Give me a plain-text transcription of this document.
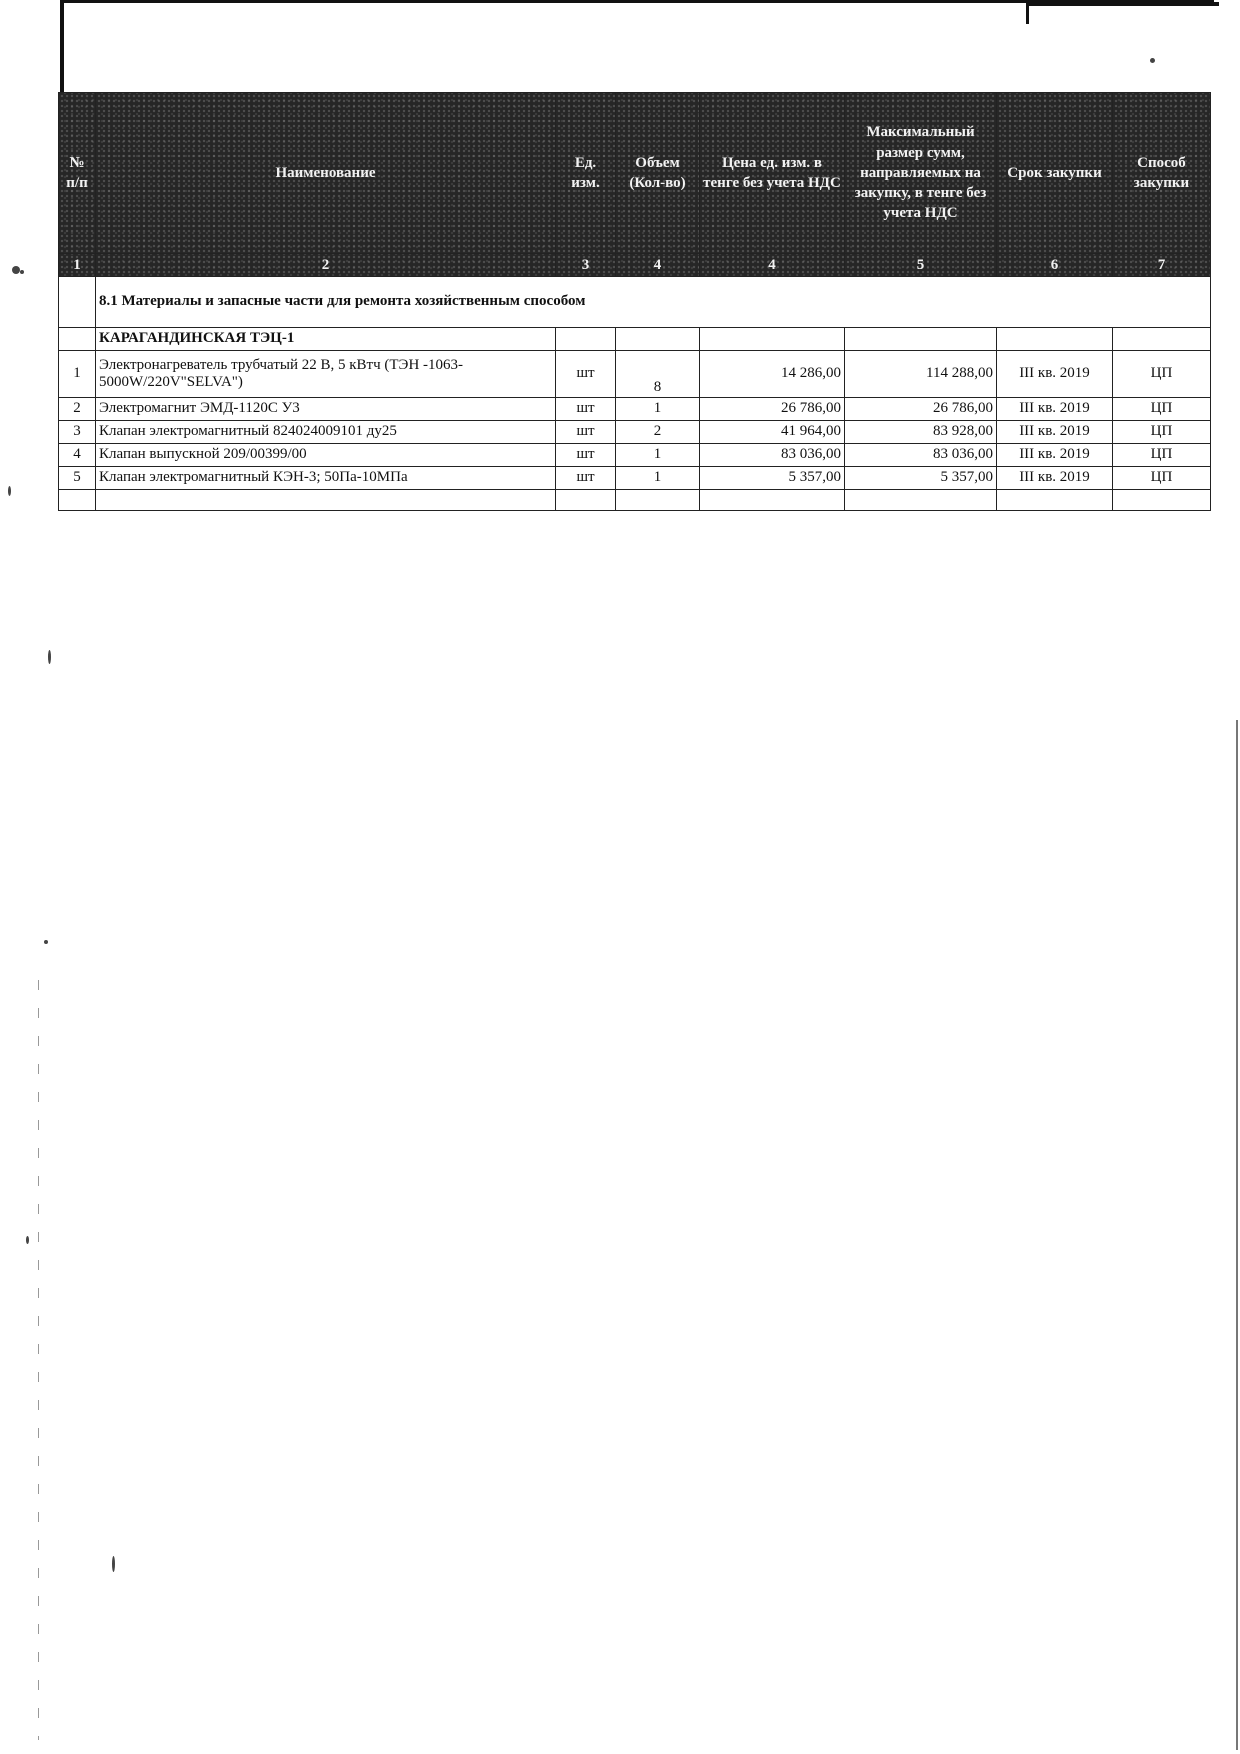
№ п/п	Наименование	Ед. изм.	Объем (Кол-во)	Цена ед. изм. в тенге без учета НДС	Максимальный размер сумм, направляемых на закупку, в тенге без учета НДС	Срок закупки	Способ закупки
1	2	3	4	4	5	6	7
	8.1 Материалы и запасные части для ремонта хозяйственным способом						
	КАРАГАНДИНСКАЯ ТЭЦ-1						
1	Электронагреватель трубчатый 22 В, 5 кВтч (ТЭН -1063-5000W/220V"SELVA")	шт	8	14 286,00	114 288,00	III кв. 2019	ЦП
2	Электромагнит ЭМД-1120С У3	шт	1	26 786,00	26 786,00	III кв. 2019	ЦП
3	Клапан электромагнитный 824024009101 ду25	шт	2	41 964,00	83 928,00	III кв. 2019	ЦП
4	Клапан выпускной 209/00399/00	шт	1	83 036,00	83 036,00	III кв. 2019	ЦП
5	Клапан электромагнитный КЭН-3; 50Па-10МПа	шт	1	5 357,00	5 357,00	III кв. 2019	ЦП
